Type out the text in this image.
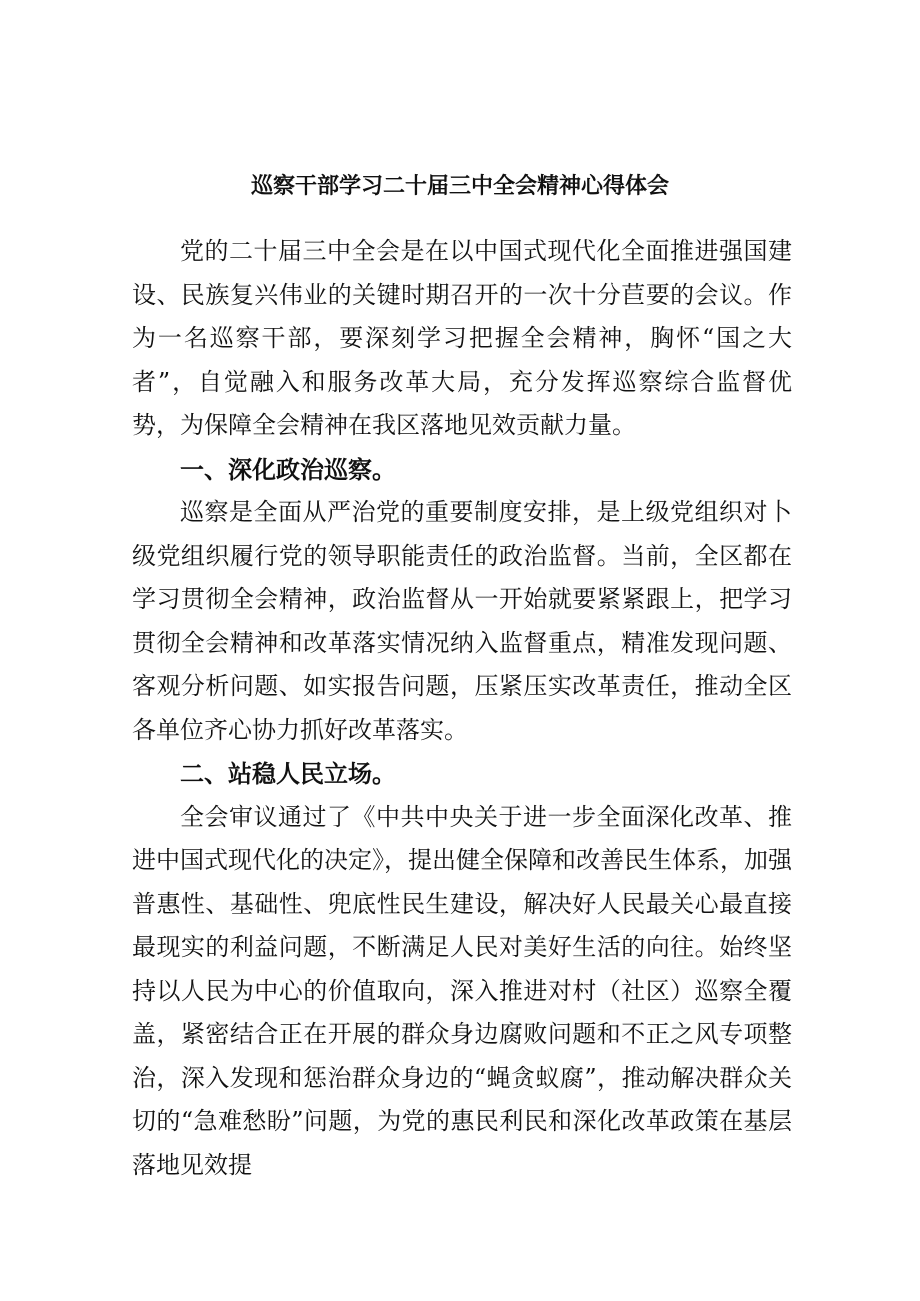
巡察干部学习二十届三中全会精神心得体会

党的二十届三中全会是在以中国式现代化全面推进强国建设、民族复兴伟业的关键时期召开的一次十分苣要的会议。作为一名巡察干部，要深刻学习把握全会精神，胸怀“国之大者”，自觉融入和服务改革大局，充分发挥巡察综合监督优势，为保障全会精神在我区落地见效贡献力量。

一、深化政治巡察。

巡察是全面从严治党的重要制度安排，是上级党组织对卜级党组织履行党的领导职能责任的政治监督。当前，全区都在学习贯彻全会精神，政治监督从一开始就要紧紧跟上，把学习贯彻全会精神和改革落实情况纳入监督重点，精准发现问题、客观分析问题、如实报告问题，压紧压实改革责任，推动全区各单位齐心协力抓好改革落实。

二、站稳人民立场。

全会审议通过了《中共中央关于进一步全面深化改革、推进中国式现代化的决定》，提出健全保障和改善民生体系，加强普惠性、基础性、兜底性民生建设，解决好人民最关心最直接最现实的利益问题，不断满足人民对美好生活的向往。始终坚持以人民为中心的价值取向，深入推进对村（社区）巡察全覆盖，紧密结合正在开展的群众身边腐败问题和不正之风专项整治，深入发现和惩治群众身边的“蝇贪蚁腐”，推动解决群众关切的“急难愁盼”问题，为党的惠民利民和深化改革政策在基层落地见效提
